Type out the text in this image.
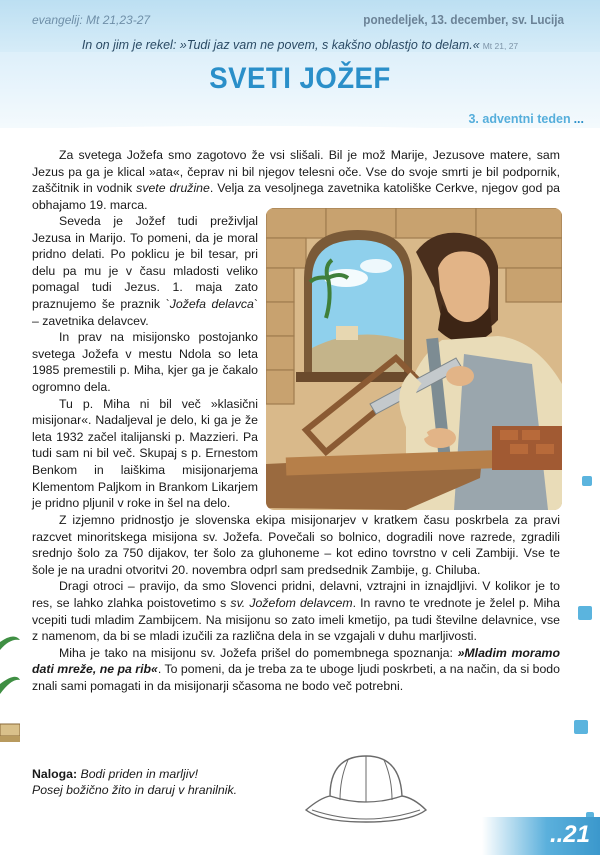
evangelij: Mt 21,23-27	ponedeljek, 13. december, sv. Lucija
In on jim je rekel: »Tudi jaz vam ne povem, s kakšno oblastjo to delam.« Mt 21, 27
SVETI JOŽEF
3. adventni teden ...

Za svetega Jožefa smo zagotovo že vsi slišali. Bil je mož Marije, Jezusove matere, sam Jezus pa ga je klical »ata«, čeprav ni bil njegov telesni oče. Vse do svoje smrti je bil podpornik, zaščitnik in vodnik svete družine. Velja za vesoljnega zavetnika katoliške Cerkve, njegov god pa obhajamo 19. marca.

Seveda je Jožef tudi preživljal Jezusa in Marijo. To pomeni, da je moral pridno delati. Po poklicu je bil tesar, pri delu pa mu je v času mladosti veliko pomagal tudi Jezus. 1. maja zato praznujemo še praznik `Jožefa delavca` – zavetnika delavcev.

In prav na misijonsko postojanko svetega Jožefa v mestu Ndola so leta 1985 premestili p. Miha, kjer ga je čakalo ogromno dela.

Tu p. Miha ni bil več »klasični misijonar«. Nadaljeval je delo, ki ga je že leta 1932 začel italijanski p. Mazzieri. Pa tudi sam ni bil več. Skupaj s p. Ernestom Benkom in laiškima misijonarjema Klementom Paljkom in Brankom Likarjem je pridno pljunil v roke in šel na delo.

Z izjemno pridnostjo je slovenska ekipa misijonarjev v kratkem času poskrbela za pravi razcvet minoritskega misijona sv. Jožefa. Povečali so bolnico, dogradili nove razrede, zgradili srednjo šolo za 750 dijakov, ter šolo za gluhoneme – kot edino tovrstno v celi Zambiji. Vse te šole je na uradni otvoritvi 20. novembra odprl sam predsednik Zambije, g. Chiluba.

Dragi otroci – pravijo, da smo Slovenci pridni, delavni, vztrajni in iznajdljivi. V kolikor je to res, se lahko zlahka poistovetimo s sv. Jožefom delavcem. In ravno te vrednote je želel p. Miha vcepiti tudi mladim Zambijcem. Na misijonu so zato imeli kmetijo, pa tudi številne delavnice, vse z namenom, da bi se mladi izučili za različna dela in se vzgajali v duhu marljivosti.

Miha je tako na misijonu sv. Jožefa prišel do pomembnega spoznanja: »Mladim moramo dati mreže, ne pa rib«. To pomeni, da je treba za te uboge ljudi poskrbeti, a na način, da si bodo znali sami pomagati in da misijonarji sčasoma ne bodo več potrebni.

Naloga: Bodi priden in marljiv!
Posej božično žito in daruj v hranilnik.
..21
